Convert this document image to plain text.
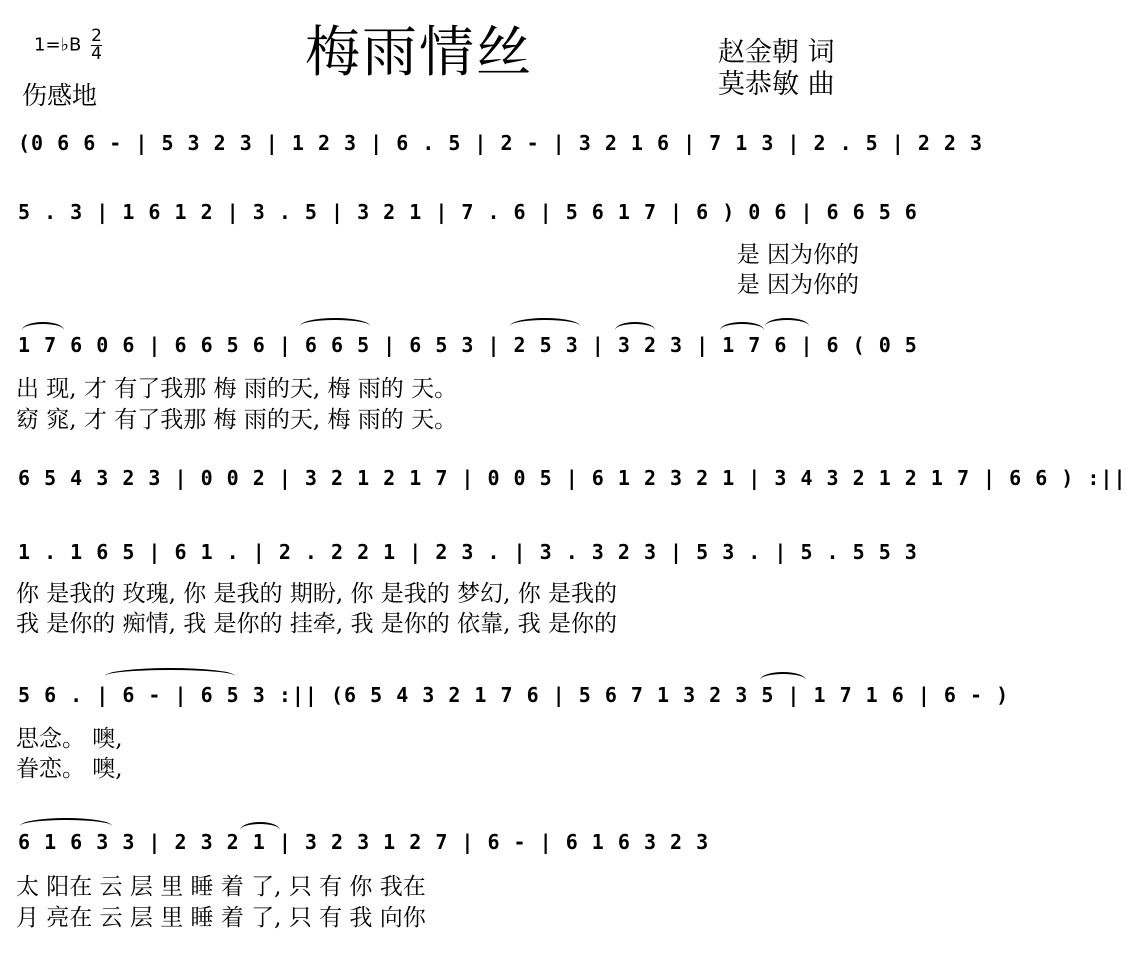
1=♭B $\frac{2}{4}$
伤感地
梅雨情丝	赵金朝 词
莫恭敏 曲
(0 6 6 - | 5 3 2 3 | 1 2 3 | 6 . 5 | 2 - | 3 2 1 6 | 7 1 3 | 2 . 5 | 2 2 3
5 . 3 | 1 6 1 2 | 3 . 5 | 3 2 1 | 7 . 6 | 5 6 1 7 | 6 ) 0 6 | 6 6 5 6
是 因为你的
是 因为你的
1 7 6 0 6 | 6 6 5 6 | 6 6 5 | 6 5 3 | 2 5 3 | 3 2 3 | 1 7 6 | 6 ( 0 5
出 现, 才 有了我那 梅 雨的天, 梅 雨的 天。
窈 窕, 才 有了我那 梅 雨的天, 梅 雨的 天。
6 5 4 3 2 3 | 0 0 2 | 3 2 1 2 1 7 | 0 0 5 | 6 1 2 3 2 1 | 3 4 3 2 1 2 1 7 | 6 6 ) :||
1 . 1 6 5 | 6 1 . | 2 . 2 2 1 | 2 3 . | 3 . 3 2 3 | 5 3 . | 5 . 5 5 3
你 是我的 玫瑰, 你 是我的 期盼, 你 是我的 梦幻, 你 是我的
我 是你的 痴情, 我 是你的 挂牵, 我 是你的 依靠, 我 是你的
5 6 . | 6 - | 6 5 3 :|| (6 5 4 3 2 1 7 6 | 5 6 7 1 3 2 3 5 | 1 7 1 6 | 6 - )
思念。 噢,
眷恋。 噢,
6 1 6 3 3 | 2 3 2 1 | 3 2 3 1 2 7 | 6 - | 6 1 6 3 2 3
太 阳在 云 层 里 睡 着 了, 只 有 你 我在
月 亮在 云 层 里 睡 着 了, 只 有 我 向你
